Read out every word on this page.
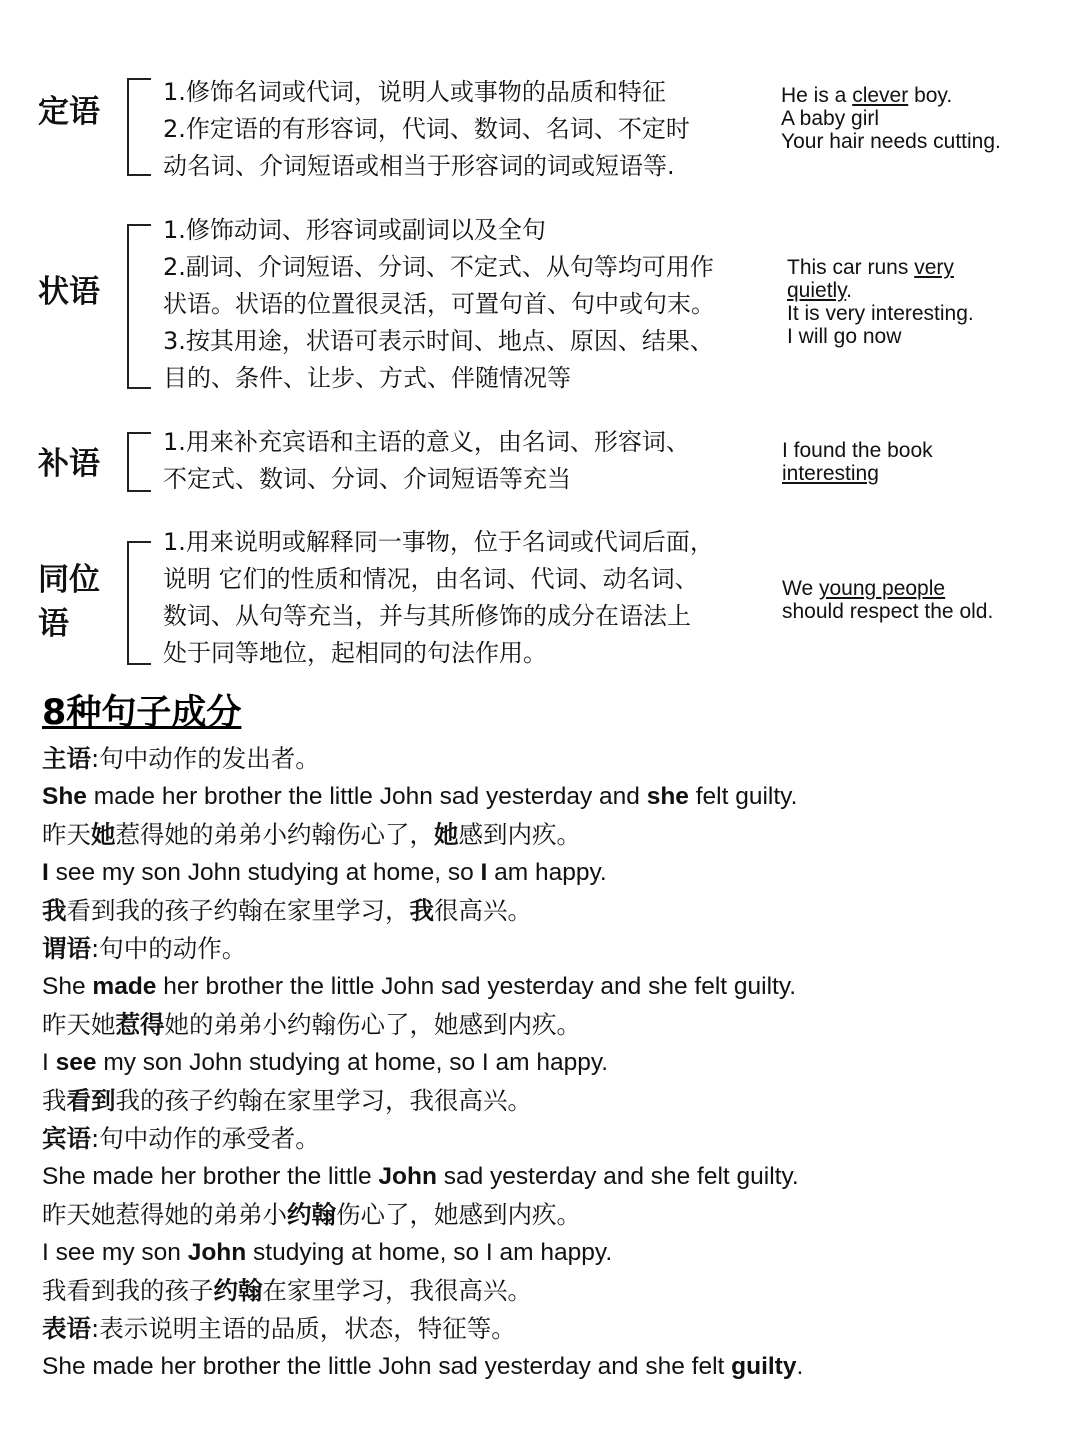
定语
1.修饰名词或代词，说明人或事物的品质和特征
2.作定语的有形容词，代词、数词、名词、不定时
动名词、介词短语或相当于形容词的词或短语等.
He is a clever boy.
A baby girl
Your hair needs cutting.
状语
1.修饰动词、形容词或副词以及全句
2.副词、介词短语、分词、不定式、从句等均可用作
状语。状语的位置很灵活，可置句首、句中或句末。
3.按其用途，状语可表示时间、地点、原因、结果、
目的、条件、让步、方式、伴随情况等
This car runs very
quietly.
It is very interesting.
I will go now
补语
1.用来补充宾语和主语的意义，由名词、形容词、
不定式、数词、分词、介词短语等充当
I found the book
interesting
同位
语
1.用来说明或解释同一事物，位于名词或代词后面，
说明 它们的性质和情况，由名词、代词、动名词、
数词、从句等充当，并与其所修饰的成分在语法上
处于同等地位，起相同的句法作用。
We young people
should respect the old.
8种句子成分
主语:句中动作的发出者。
She made her brother the little John sad yesterday and she felt guilty.
昨天她惹得她的弟弟小约翰伤心了，她感到内疚。
I see my son John studying at home, so I am happy.
我看到我的孩子约翰在家里学习，我很高兴。
谓语:句中的动作。
She made her brother the little John sad yesterday and she felt guilty.
昨天她惹得她的弟弟小约翰伤心了，她感到内疚。
I see my son John studying at home, so I am happy.
我看到我的孩子约翰在家里学习，我很高兴。
宾语:句中动作的承受者。
She made her brother the little John sad yesterday and she felt guilty.
昨天她惹得她的弟弟小约翰伤心了，她感到内疚。
I see my son John studying at home, so I am happy.
我看到我的孩子约翰在家里学习，我很高兴。
表语:表示说明主语的品质，状态，特征等。
She made her brother the little John sad yesterday and she felt guilty.
